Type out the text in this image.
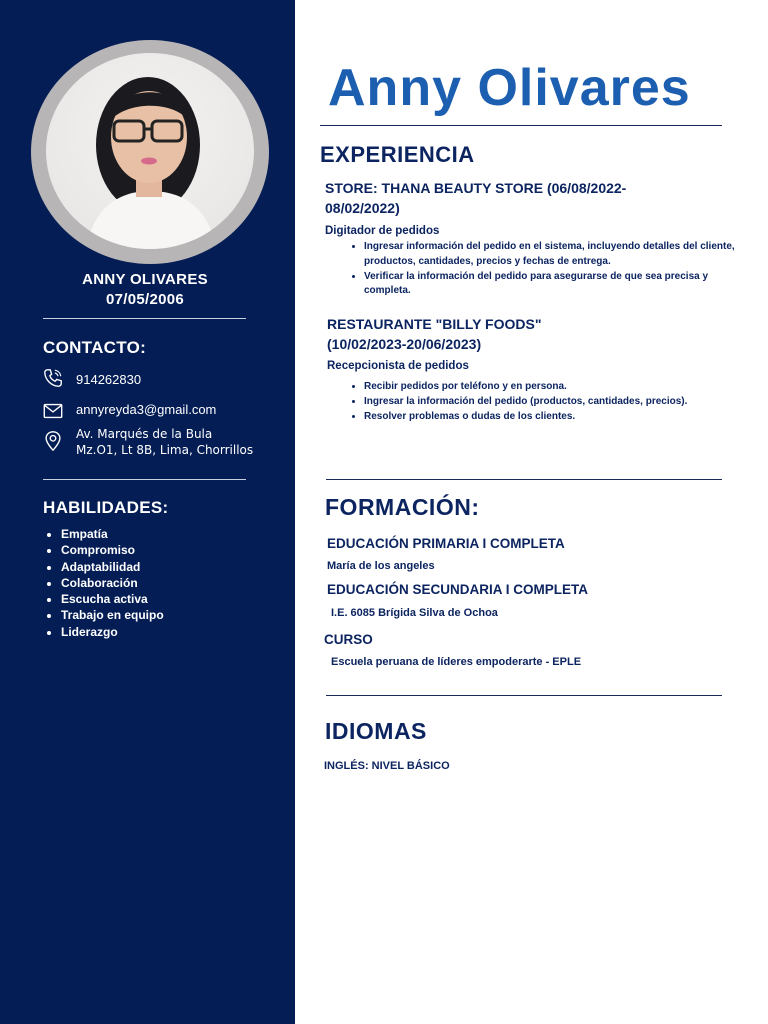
ANNY OLIVARES
07/05/2006
CONTACTO:
914262830
annyreyda3@gmail.com
Av. Marqués de la Bula
Mz.O1, Lt 8B, Lima, Chorrillos
HABILIDADES:
• Empatía
• Compromiso
• Adaptabilidad
• Colaboración
• Escucha activa
• Trabajo en equipo
• Liderazgo
Anny Olivares
EXPERIENCIA
STORE: THANA BEAUTY STORE (06/08/2022-
08/02/2022)
Digitador de pedidos
• Ingresar información del pedido en el sistema, incluyendo detalles del cliente, productos, cantidades, precios y fechas de entrega.
• Verificar la información del pedido para asegurarse de que sea precisa y completa.
RESTAURANTE "BILLY FOODS"
(10/02/2023-20/06/2023)
Recepcionista de pedidos
• Recibir pedidos por teléfono y en persona.
• Ingresar la información del pedido (productos, cantidades, precios).
• Resolver problemas o dudas de los clientes.
FORMACIÓN:
EDUCACIÓN PRIMARIA I COMPLETA
María de los angeles
EDUCACIÓN SECUNDARIA I COMPLETA
I.E. 6085 Brígida Silva de Ochoa
CURSO
Escuela peruana de líderes empoderarte - EPLE
IDIOMAS
INGLÉS: NIVEL BÁSICO
